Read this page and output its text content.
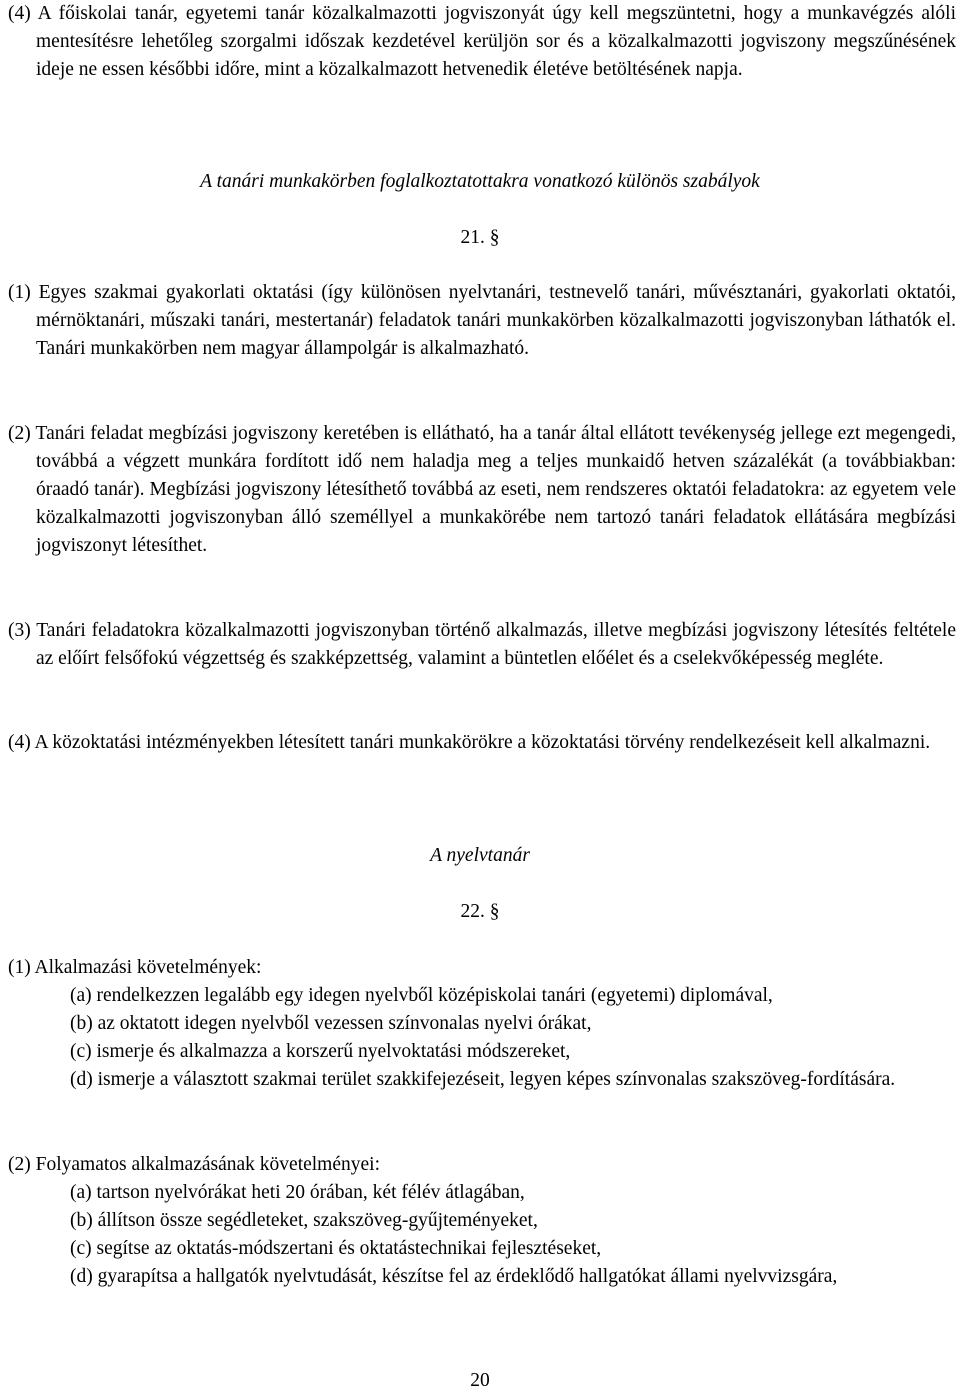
(4) A főiskolai tanár, egyetemi tanár közalkalmazotti jogviszonyát úgy kell megszüntetni, hogy a munkavégzés alóli mentesítésre lehetőleg szorgalmi időszak kezdetével kerüljön sor és a közalkalmazotti jogviszony megszűnésének ideje ne essen későbbi időre, mint a közalkalmazott hetvenedik életéve betöltésének napja.
A tanári munkakörben foglalkoztatottakra vonatkozó különös szabályok
21. §
(1) Egyes szakmai gyakorlati oktatási (így különösen nyelvtanári, testnevelő tanári, művésztanári, gyakorlati oktatói, mérnöktanári, műszaki tanári, mestertanár) feladatok tanári munkakörben közalkalmazotti jogviszonyban láthatók el. Tanári munkakörben nem magyar állampolgár is alkalmazható.
(2) Tanári feladat megbízási jogviszony keretében is ellátható, ha a tanár által ellátott tevékenység jellege ezt megengedi, továbbá a végzett munkára fordított idő nem haladja meg a teljes munkaidő hetven százalékát (a továbbiakban: óraadó tanár). Megbízási jogviszony létesíthető továbbá az eseti, nem rendszeres oktatói feladatokra: az egyetem vele közalkalmazotti jogviszonyban álló személlyel a munkakörébe nem tartozó tanári feladatok ellátására megbízási jogviszonyt létesíthet.
(3) Tanári feladatokra közalkalmazotti jogviszonyban történő alkalmazás, illetve megbízási jogviszony létesítés feltétele az előírt felsőfokú végzettség és szakképzettség, valamint a büntetlen előélet és a cselekvőképesség megléte.
(4) A közoktatási intézményekben létesített tanári munkakörökre a közoktatási törvény rendelkezéseit kell alkalmazni.
A nyelvtanár
22. §
(1) Alkalmazási követelmények:
(a) rendelkezzen legalább egy idegen nyelvből középiskolai tanári (egyetemi) diplomával,
(b) az oktatott idegen nyelvből vezessen színvonalas nyelvi órákat,
(c) ismerje és alkalmazza a korszerű nyelvoktatási módszereket,
(d) ismerje a választott szakmai terület szakkifejezéseit, legyen képes színvonalas szakszöveg-fordítására.
(2) Folyamatos alkalmazásának követelményei:
(a) tartson nyelvórákat heti 20 órában, két félév átlagában,
(b) állítson össze segédleteket, szakszöveg-gyűjteményeket,
(c) segítse az oktatás-módszertani és oktatástechnikai fejlesztéseket,
(d) gyarapítsa a hallgatók nyelvtudását, készítse fel az érdeklődő hallgatókat állami nyelvvizsgára,
20
